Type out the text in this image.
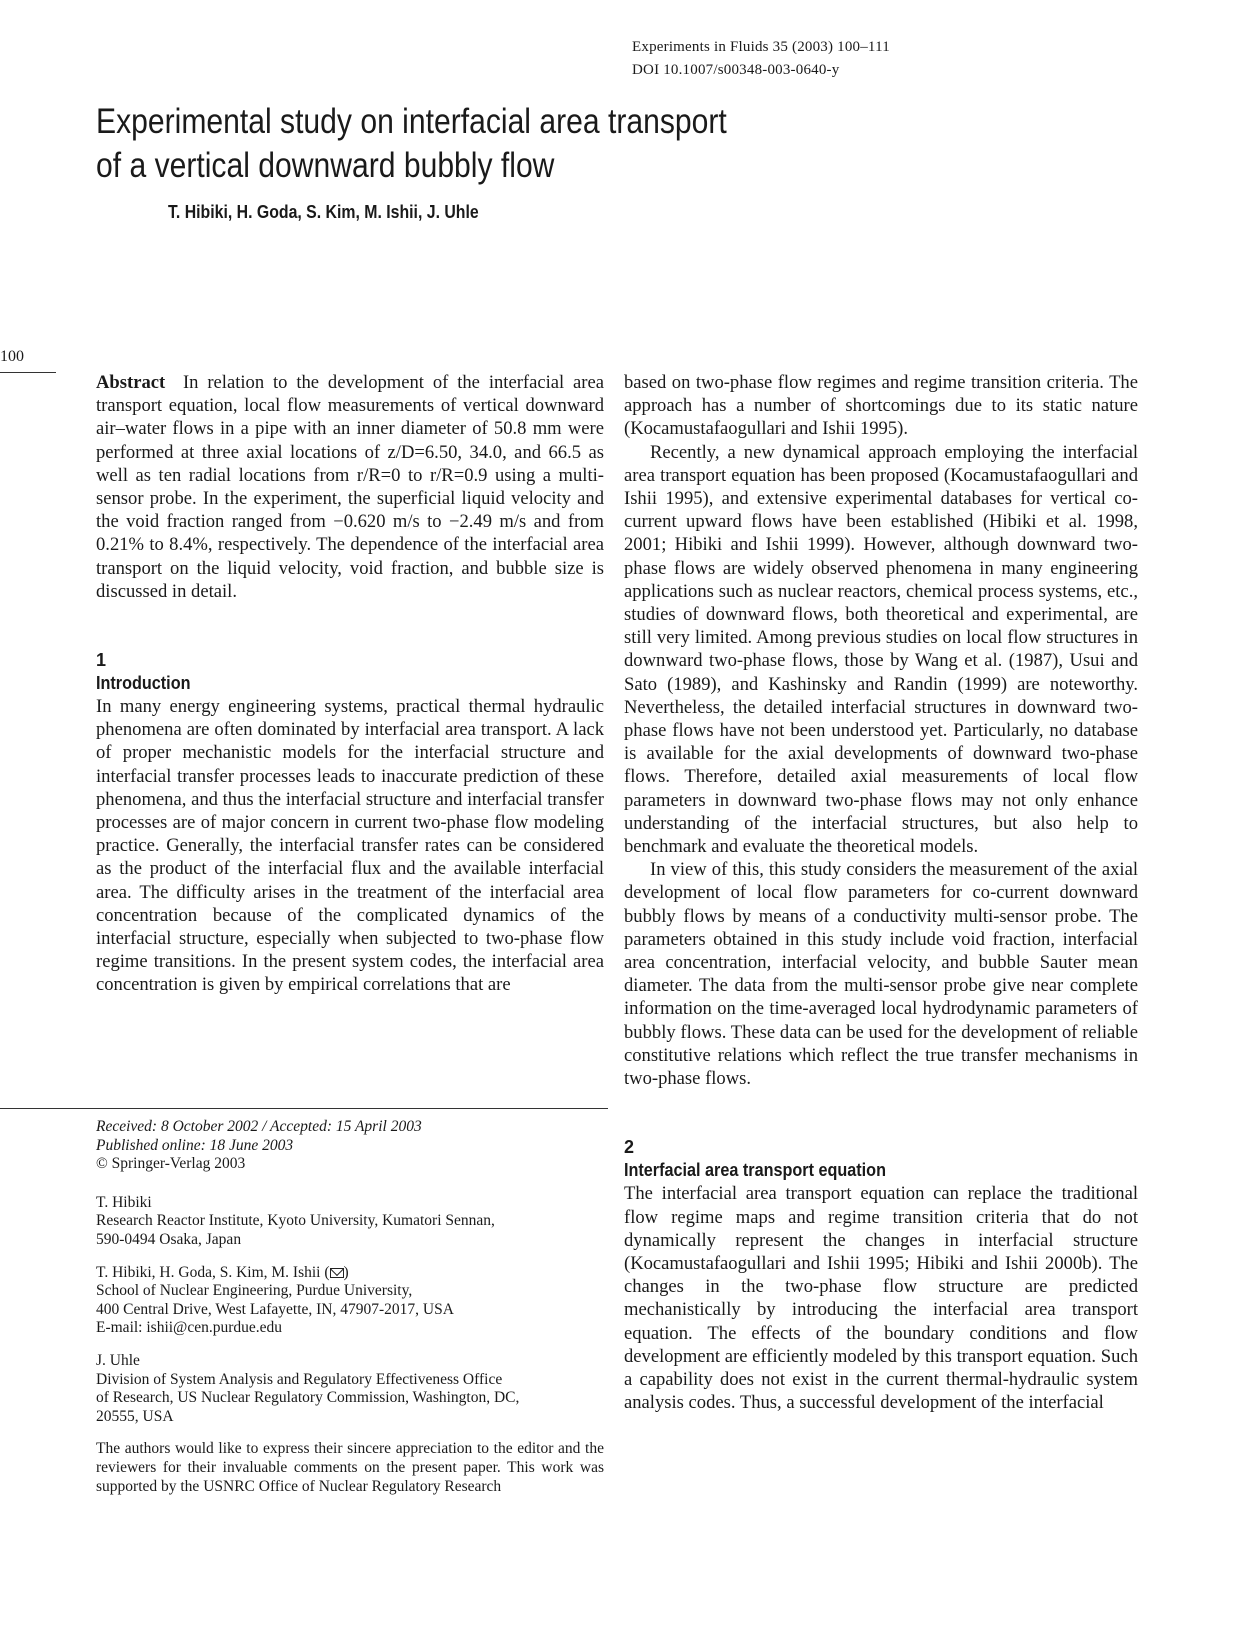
Experiments in Fluids 35 (2003) 100–111
DOI 10.1007/s00348-003-0640-y
Experimental study on interfacial area transport
of a vertical downward bubbly flow
T. Hibiki, H. Goda, S. Kim, M. Ishii, J. Uhle
100

Abstract In relation to the development of the interfacial area transport equation, local flow measurements of vertical downward air–water flows in a pipe with an inner diameter of 50.8 mm were performed at three axial locations of z/D=6.50, 34.0, and 66.5 as well as ten radial locations from r/R=0 to r/R=0.9 using a multi-sensor probe. In the experiment, the superficial liquid velocity and the void fraction ranged from −0.620 m/s to −2.49 m/s and from 0.21% to 8.4%, respectively. The dependence of the interfacial area transport on the liquid velocity, void fraction, and bubble size is discussed in detail.

1
Introduction

In many energy engineering systems, practical thermal hydraulic phenomena are often dominated by interfacial area transport. A lack of proper mechanistic models for the interfacial structure and interfacial transfer processes leads to inaccurate prediction of these phenomena, and thus the interfacial structure and interfacial transfer processes are of major concern in current two-phase flow modeling practice. Generally, the interfacial transfer rates can be considered as the product of the interfacial flux and the available interfacial area. The difficulty arises in the treatment of the interfacial area concentration because of the complicated dynamics of the interfacial structure, especially when subjected to two-phase flow regime transitions. In the present system codes, the interfacial area concentration is given by empirical correlations that are

Received: 8 October 2002 / Accepted: 15 April 2003

Published online: 18 June 2003

© Springer-Verlag 2003

T. Hibiki

Research Reactor Institute, Kyoto University, Kumatori Sennan,

590-0494 Osaka, Japan

T. Hibiki, H. Goda, S. Kim, M. Ishii ( )

School of Nuclear Engineering, Purdue University,

400 Central Drive, West Lafayette, IN, 47907-2017, USA

E-mail: ishii@cen.purdue.edu

J. Uhle

Division of System Analysis and Regulatory Effectiveness Office

of Research, US Nuclear Regulatory Commission, Washington, DC,

20555, USA

The authors would like to express their sincere appreciation to the editor and the reviewers for their invaluable comments on the present paper. This work was supported by the USNRC Office of Nuclear Regulatory Research

based on two-phase flow regimes and regime transition criteria. The approach has a number of shortcomings due to its static nature (Kocamustafaogullari and Ishii 1995).

Recently, a new dynamical approach employing the interfacial area transport equation has been proposed (Kocamustafaogullari and Ishii 1995), and extensive experimental databases for vertical co-current upward flows have been established (Hibiki et al. 1998, 2001; Hibiki and Ishii 1999). However, although downward two-phase flows are widely observed phenomena in many engineering applications such as nuclear reactors, chemical process systems, etc., studies of downward flows, both theoretical and experimental, are still very limited. Among previous studies on local flow structures in downward two-phase flows, those by Wang et al. (1987), Usui and Sato (1989), and Kashinsky and Randin (1999) are noteworthy. Nevertheless, the detailed interfacial structures in downward two-phase flows have not been understood yet. Particularly, no database is available for the axial developments of downward two-phase flows. Therefore, detailed axial measurements of local flow parameters in downward two-phase flows may not only enhance understanding of the interfacial structures, but also help to benchmark and evaluate the theoretical models.

In view of this, this study considers the measurement of the axial development of local flow parameters for co-current downward bubbly flows by means of a conductivity multi-sensor probe. The parameters obtained in this study include void fraction, interfacial area concentration, interfacial velocity, and bubble Sauter mean diameter. The data from the multi-sensor probe give near complete information on the time-averaged local hydrodynamic parameters of bubbly flows. These data can be used for the development of reliable constitutive relations which reflect the true transfer mechanisms in two-phase flows.

2
Interfacial area transport equation

The interfacial area transport equation can replace the traditional flow regime maps and regime transition criteria that do not dynamically represent the changes in interfacial structure (Kocamustafaogullari and Ishii 1995; Hibiki and Ishii 2000b). The changes in the two-phase flow structure are predicted mechanistically by introducing the interfacial area transport equation. The effects of the boundary conditions and flow development are efficiently modeled by this transport equation. Such a capability does not exist in the current thermal-hydraulic system analysis codes. Thus, a successful development of the interfacial
